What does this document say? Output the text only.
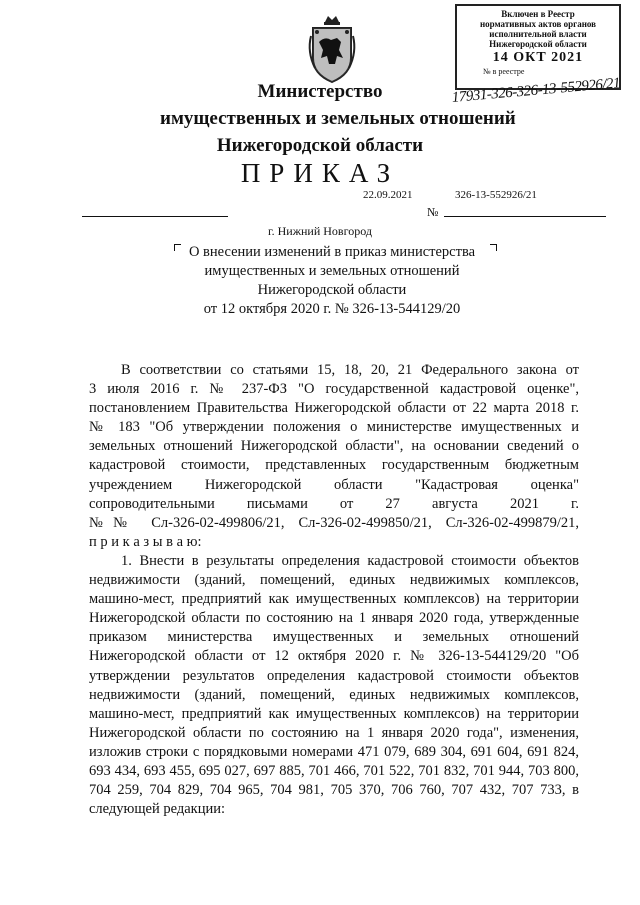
Включен в Реестр
нормативных актов органов
исполнительной власти
Нижегородской области
14 ОКТ 2021
№ в реестре
17931-326-326-13-552926/21
Министерство
имущественных и земельных отношений
Нижегородской области
ПРИКАЗ
22.09.2021	326-13-552926/21
№
г. Нижний Новгород
О внесении изменений в приказ министерства
имущественных и земельных отношений
Нижегородской области
от 12 октября 2020 г. № 326-13-544129/20
В соответствии со статьями 15, 18, 20, 21 Федерального закона от
3 июля 2016 г. № 237-ФЗ "О государственной кадастровой оценке",
постановлением Правительства Нижегородской области от 22 марта 2018 г.
№ 183 "Об утверждении положения о министерстве имущественных и
земельных отношений Нижегородской области", на основании сведений о
кадастровой стоимости, представленных государственным бюджетным
учреждением Нижегородской области "Кадастровая оценка"
сопроводительными письмами от 27 августа 2021 г.
№№ Сл-326-02-499806/21, Сл-326-02-499850/21, Сл-326-02-499879/21,
п р и к а з ы в а ю:
1. Внести в результаты определения кадастровой стоимости объектов
недвижимости (зданий, помещений, единых недвижимых комплексов,
машино-мест, предприятий как имущественных комплексов) на территории
Нижегородской области по состоянию на 1 января 2020 года, утвержденные
приказом министерства имущественных и земельных отношений
Нижегородской области от 12 октября 2020 г. № 326-13-544129/20 "Об
утверждении результатов определения кадастровой стоимости объектов
недвижимости (зданий, помещений, единых недвижимых комплексов,
машино-мест, предприятий как имущественных комплексов) на территории
Нижегородской области по состоянию на 1 января 2020 года", изменения,
изложив строки с порядковыми номерами 471 079, 689 304, 691 604, 691 824,
693 434, 693 455, 695 027, 697 885, 701 466, 701 522, 701 832, 701 944, 703 800,
704 259, 704 829, 704 965, 704 981, 705 370, 706 760, 707 432, 707 733, в
следующей редакции:
